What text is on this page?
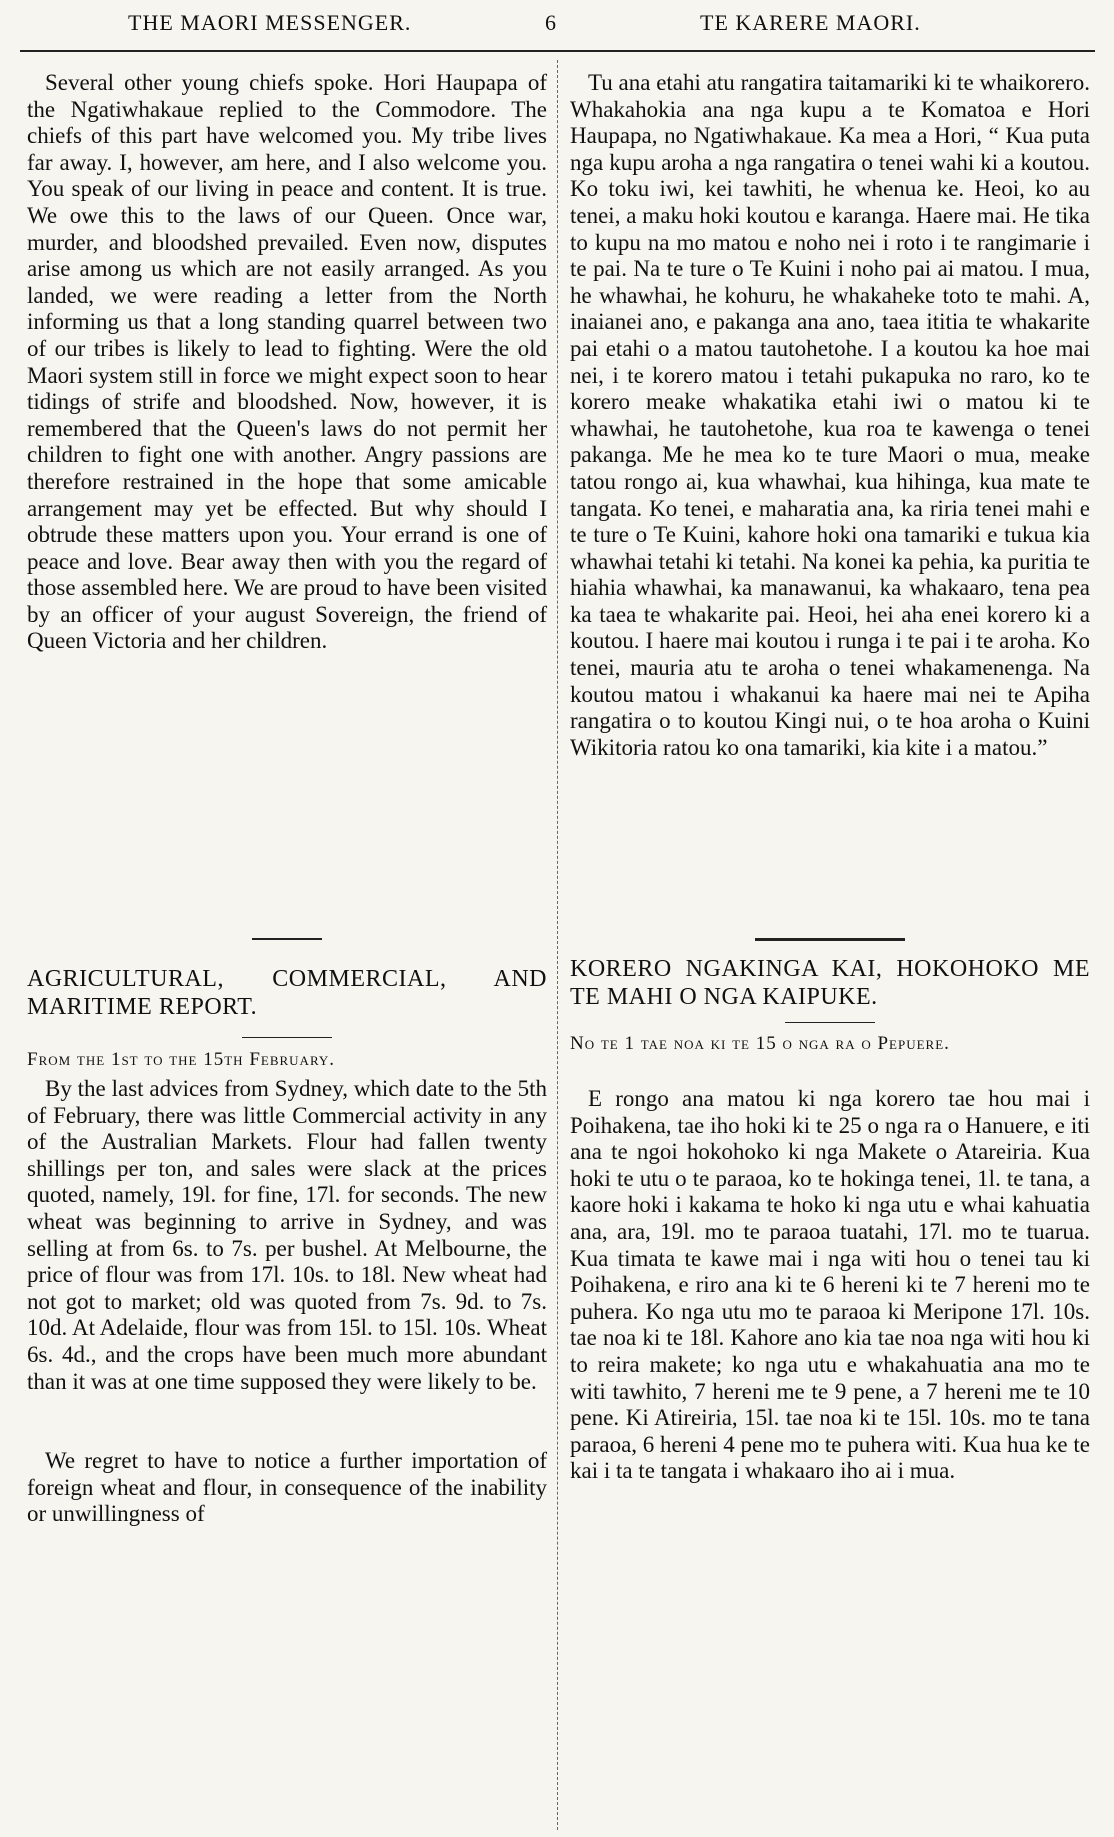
THE MAORI MESSENGER.	6	TE KARERE MAORI.

Several other young chiefs spoke. Hori Haupapa of the Ngatiwhakaue replied to the Commodore. The chiefs of this part have welcomed you. My tribe lives far away. I, however, am here, and I also welcome you. You speak of our living in peace and content. It is true. We owe this to the laws of our Queen. Once war, murder, and bloodshed prevailed. Even now, disputes arise among us which are not easily arranged. As you landed, we were reading a letter from the North informing us that a long standing quarrel between two of our tribes is likely to lead to fighting. Were the old Maori system still in force we might expect soon to hear tidings of strife and bloodshed. Now, however, it is remembered that the Queen's laws do not permit her children to fight one with another. Angry passions are therefore restrained in the hope that some amicable arrangement may yet be effected. But why should I obtrude these matters upon you. Your errand is one of peace and love. Bear away then with you the regard of those assembled here. We are proud to have been visited by an officer of your august Sovereign, the friend of Queen Victoria and her children.

AGRICULTURAL, COMMERCIAL, AND MARITIME REPORT.

From the 1st to the 15th February.

By the last advices from Sydney, which date to the 5th of February, there was little Commercial activity in any of the Australian Markets. Flour had fallen twenty shillings per ton, and sales were slack at the prices quoted, namely, 19l. for fine, 17l. for seconds. The new wheat was beginning to arrive in Sydney, and was selling at from 6s. to 7s. per bushel. At Melbourne, the price of flour was from 17l. 10s. to 18l. New wheat had not got to market; old was quoted from 7s. 9d. to 7s. 10d. At Adelaide, flour was from 15l. to 15l. 10s. Wheat 6s. 4d., and the crops have been much more abundant than it was at one time supposed they were likely to be.

We regret to have to notice a further importation of foreign wheat and flour, in consequence of the inability or unwillingness of

Tu ana etahi atu rangatira taitamariki ki te whaikorero. Whakahokia ana nga kupu a te Komatoa e Hori Haupapa, no Ngatiwhakaue. Ka mea a Hori, “ Kua puta nga kupu aroha a nga rangatira o tenei wahi ki a koutou. Ko toku iwi, kei tawhiti, he whenua ke. Heoi, ko au tenei, a maku hoki koutou e karanga. Haere mai. He tika to kupu na mo matou e noho nei i roto i te rangimarie i te pai. Na te ture o Te Kuini i noho pai ai matou. I mua, he whawhai, he kohuru, he whakaheke toto te mahi. A, inaianei ano, e pakanga ana ano, taea ititia te whakarite pai etahi o a matou tautohetohe. I a koutou ka hoe mai nei, i te korero matou i tetahi pukapuka no raro, ko te korero meake whakatika etahi iwi o matou ki te whawhai, he tautohetohe, kua roa te kawenga o tenei pakanga. Me he mea ko te ture Maori o mua, meake tatou rongo ai, kua whawhai, kua hihinga, kua mate te tangata. Ko tenei, e maharatia ana, ka riria tenei mahi e te ture o Te Kuini, kahore hoki ona tamariki e tukua kia whawhai tetahi ki tetahi. Na konei ka pehia, ka puritia te hiahia whawhai, ka manawanui, ka whakaaro, tena pea ka taea te whakarite pai. Heoi, hei aha enei korero ki a koutou. I haere mai koutou i runga i te pai i te aroha. Ko tenei, mauria atu te aroha o tenei whakamenenga. Na koutou matou i whakanui ka haere mai nei te Apiha rangatira o to koutou Kingi nui, o te hoa aroha o Kuini Wikitoria ratou ko ona tamariki, kia kite i a matou.”

KORERO NGAKINGA KAI, HOKOHOKO ME TE MAHI O NGA KAIPUKE.

No te 1 tae noa ki te 15 o nga ra o Pepuere.

E rongo ana matou ki nga korero tae hou mai i Poihakena, tae iho hoki ki te 25 o nga ra o Hanuere, e iti ana te ngoi hokohoko ki nga Makete o Atareiria. Kua hoki te utu o te paraoa, ko te hokinga tenei, 1l. te tana, a kaore hoki i kakama te hoko ki nga utu e whai kahuatia ana, ara, 19l. mo te paraoa tuatahi, 17l. mo te tuarua. Kua timata te kawe mai i nga witi hou o tenei tau ki Poihakena, e riro ana ki te 6 hereni ki te 7 hereni mo te puhera. Ko nga utu mo te paraoa ki Meripone 17l. 10s. tae noa ki te 18l. Kahore ano kia tae noa nga witi hou ki to reira makete; ko nga utu e whakahuatia ana mo te witi tawhito, 7 hereni me te 9 pene, a 7 hereni me te 10 pene. Ki Atireiria, 15l. tae noa ki te 15l. 10s. mo te tana paraoa, 6 hereni 4 pene mo te puhera witi. Kua hua ke te kai i ta te tangata i whakaaro iho ai i mua.
